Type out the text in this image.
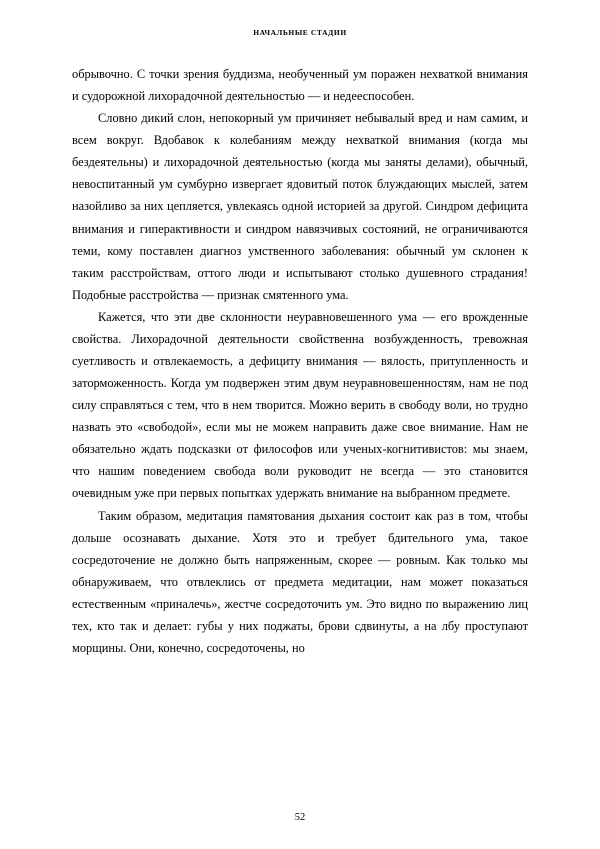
НАЧАЛЬНЫЕ СТАДИИ

обрывочно. С точки зрения буддизма, необученный ум поражен нехваткой внимания и судорожной лихорадочной деятельностью — и недееспособен.

Словно дикий слон, непокорный ум причиняет небывалый вред и нам самим, и всем вокруг. Вдобавок к колебаниям между нехваткой внимания (когда мы бездеятельны) и лихорадочной деятельностью (когда мы заняты делами), обычный, невоспитанный ум сумбурно извергает ядовитый поток блуждающих мыслей, затем назойливо за них цепляется, увлекаясь одной историей за другой. Синдром дефицита внимания и гиперактивности и синдром навязчивых состояний, не ограничиваются теми, кому поставлен диагноз умственного заболевания: обычный ум склонен к таким расстройствам, оттого люди и испытывают столько душевного страдания! Подобные расстройства — признак смятенного ума.

Кажется, что эти две склонности неуравновешенного ума — его врожденные свойства. Лихорадочной деятельности свойственна возбужденность, тревожная суетливость и отвлекаемость, а дефициту внимания — вялость, притупленность и заторможенность. Когда ум подвержен этим двум неуравновешенностям, нам не под силу справляться с тем, что в нем творится. Можно верить в свободу воли, но трудно назвать это «свободой», если мы не можем направить даже свое внимание. Нам не обязательно ждать подсказки от философов или ученых-когнитивистов: мы знаем, что нашим поведением свобода воли руководит не всегда — это становится очевидным уже при первых попытках удержать внимание на выбранном предмете.

Таким образом, медитация памятования дыхания состоит как раз в том, чтобы дольше осознавать дыхание. Хотя это и требует бдительного ума, такое сосредоточение не должно быть напряженным, скорее — ровным. Как только мы обнаруживаем, что отвлеклись от предмета медитации, нам может показаться естественным «приналечь», жестче сосредоточить ум. Это видно по выражению лиц тех, кто так и делает: губы у них поджаты, брови сдвинуты, а на лбу проступают морщины. Они, конечно, сосредоточены, но

52
